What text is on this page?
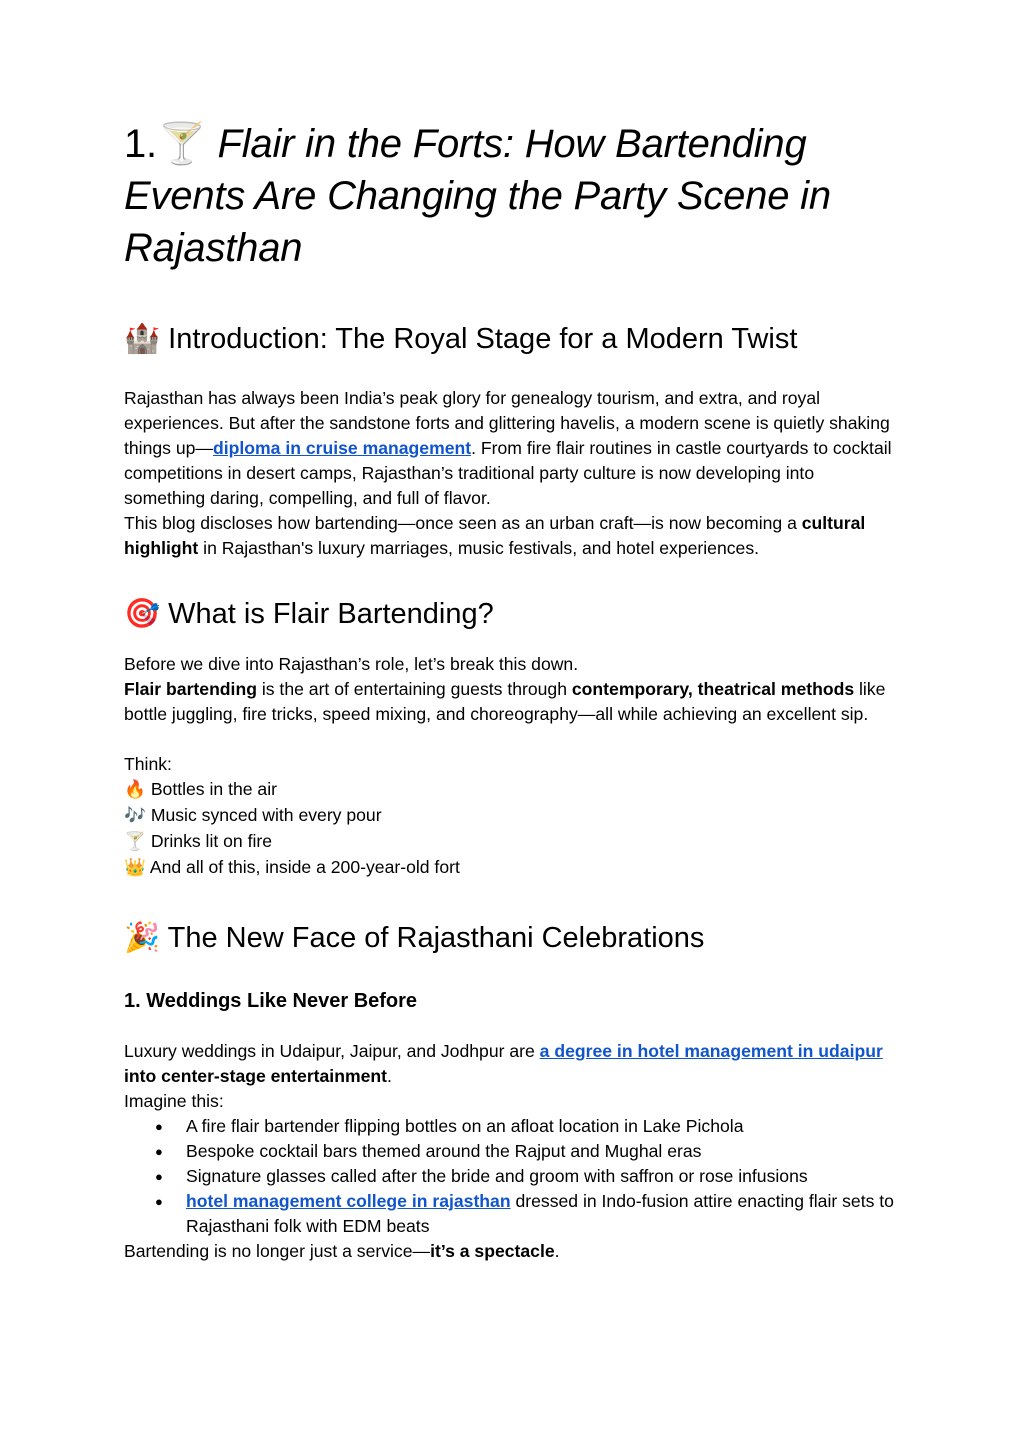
1.🍸 Flair in the Forts: How Bartending Events Are Changing the Party Scene in Rajasthan
🏰 Introduction: The Royal Stage for a Modern Twist

Rajasthan has always been India’s peak glory for genealogy tourism, and extra, and royal experiences. But after the sandstone forts and glittering havelis, a modern scene is quietly shaking things up—diploma in cruise management. From fire flair routines in castle courtyards to cocktail competitions in desert camps, Rajasthan’s traditional party culture is now developing into something daring, compelling, and full of flavor.

This blog discloses how bartending—once seen as an urban craft—is now becoming a cultural highlight in Rajasthan's luxury marriages, music festivals, and hotel experiences.

🎯 What is Flair Bartending?

Before we dive into Rajasthan’s role, let’s break this down.

Flair bartending is the art of entertaining guests through contemporary, theatrical methods like bottle juggling, fire tricks, speed mixing, and choreography—all while achieving an excellent sip.

Think:

🔥 Bottles in the air
🎶 Music synced with every pour
🍸 Drinks lit on fire
👑 And all of this, inside a 200-year-old fort
🎉 The New Face of Rajasthani Celebrations
1. Weddings Like Never Before

Luxury weddings in Udaipur, Jaipur, and Jodhpur are a degree in hotel management in udaipur into center-stage entertainment.

Imagine this:

● A fire flair bartender flipping bottles on an afloat location in Lake Pichola
● Bespoke cocktail bars themed around the Rajput and Mughal eras
● Signature glasses called after the bride and groom with saffron or rose infusions
● hotel management college in rajasthan dressed in Indo-fusion attire enacting flair sets to Rajasthani folk with EDM beats

Bartending is no longer just a service—it’s a spectacle.
